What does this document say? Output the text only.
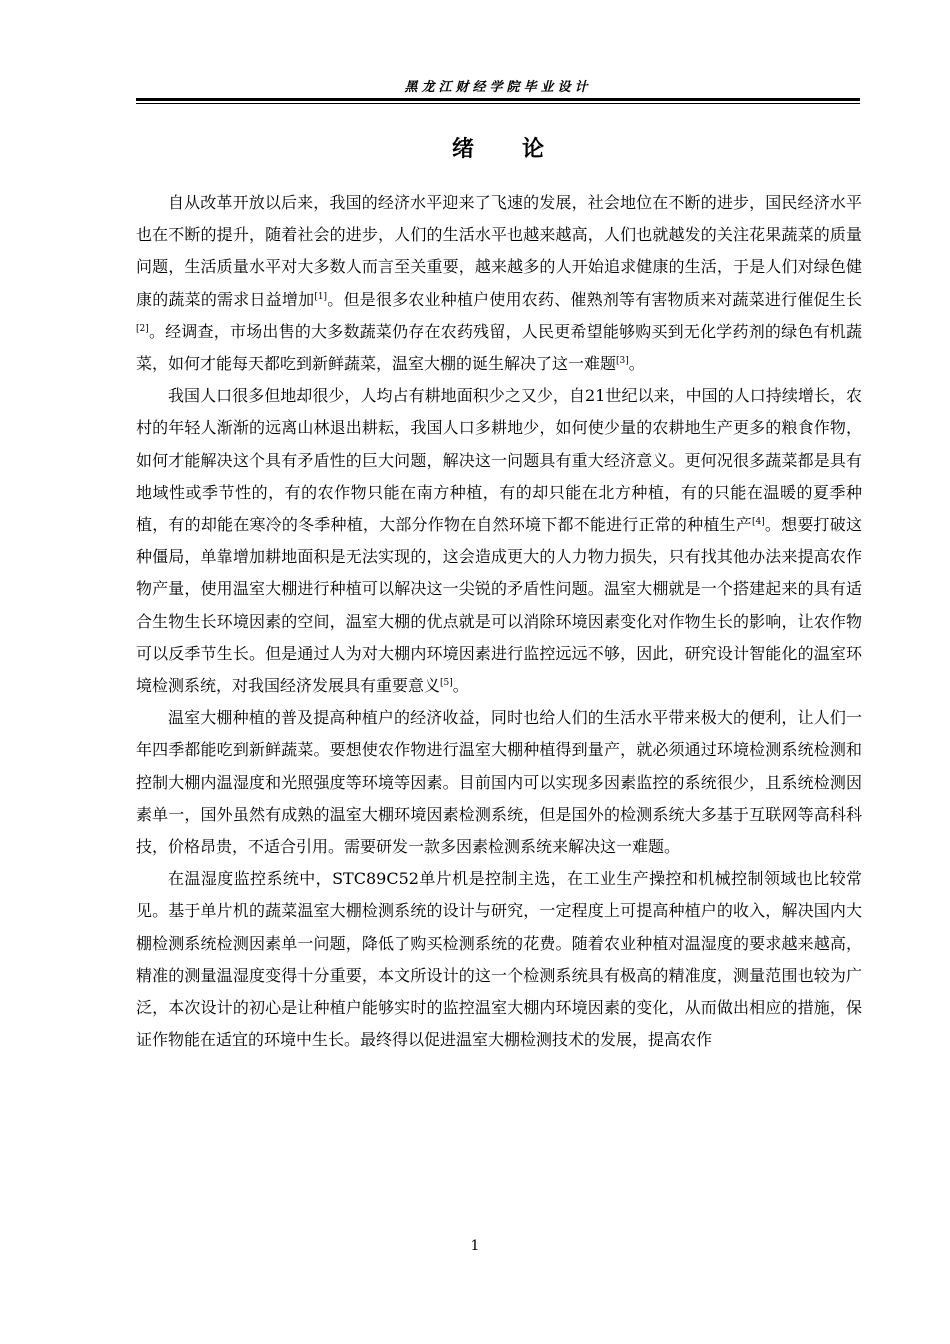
黑龙江财经学院毕业设计
绪论

自从改革开放以后来，我国的经济水平迎来了飞速的发展，社会地位在不断的进步，国民经济水平也在不断的提升，随着社会的进步，人们的生活水平也越来越高，人们也就越发的关注花果蔬菜的质量问题，生活质量水平对大多数人而言至关重要，越来越多的人开始追求健康的生活，于是人们对绿色健康的蔬菜的需求日益增加[1]。但是很多农业种植户使用农药、催熟剂等有害物质来对蔬菜进行催促生长[2]。经调查，市场出售的大多数蔬菜仍存在农药残留，人民更希望能够购买到无化学药剂的绿色有机蔬菜，如何才能每天都吃到新鲜蔬菜，温室大棚的诞生解决了这一难题[3]。

我国人口很多但地却很少，人均占有耕地面积少之又少，自21世纪以来，中国的人口持续增长，农村的年轻人渐渐的远离山林退出耕耘，我国人口多耕地少，如何使少量的农耕地生产更多的粮食作物，如何才能解决这个具有矛盾性的巨大问题，解决这一问题具有重大经济意义。更何况很多蔬菜都是具有地域性或季节性的，有的农作物只能在南方种植，有的却只能在北方种植，有的只能在温暖的夏季种植，有的却能在寒冷的冬季种植，大部分作物在自然环境下都不能进行正常的种植生产[4]。想要打破这种僵局，单靠增加耕地面积是无法实现的，这会造成更大的人力物力损失，只有找其他办法来提高农作物产量，使用温室大棚进行种植可以解决这一尖锐的矛盾性问题。温室大棚就是一个搭建起来的具有适合生物生长环境因素的空间，温室大棚的优点就是可以消除环境因素变化对作物生长的影响，让农作物可以反季节生长。但是通过人为对大棚内环境因素进行监控远远不够，因此，研究设计智能化的温室环境检测系统，对我国经济发展具有重要意义[5]。

温室大棚种植的普及提高种植户的经济收益，同时也给人们的生活水平带来极大的便利，让人们一年四季都能吃到新鲜蔬菜。要想使农作物进行温室大棚种植得到量产，就必须通过环境检测系统检测和控制大棚内温湿度和光照强度等环境等因素。目前国内可以实现多因素监控的系统很少，且系统检测因素单一，国外虽然有成熟的温室大棚环境因素检测系统，但是国外的检测系统大多基于互联网等高科科技，价格昂贵，不适合引用。需要研发一款多因素检测系统来解决这一难题。

在温湿度监控系统中，STC89C52单片机是控制主选，在工业生产操控和机械控制领域也比较常见。基于单片机的蔬菜温室大棚检测系统的设计与研究，一定程度上可提高种植户的收入，解决国内大棚检测系统检测因素单一问题，降低了购买检测系统的花费。随着农业种植对温湿度的要求越来越高，精准的测量温湿度变得十分重要，本文所设计的这一个检测系统具有极高的精准度，测量范围也较为广泛，本次设计的初心是让种植户能够实时的监控温室大棚内环境因素的变化，从而做出相应的措施，保证作物能在适宜的环境中生长。最终得以促进温室大棚检测技术的发展，提高农作

1
